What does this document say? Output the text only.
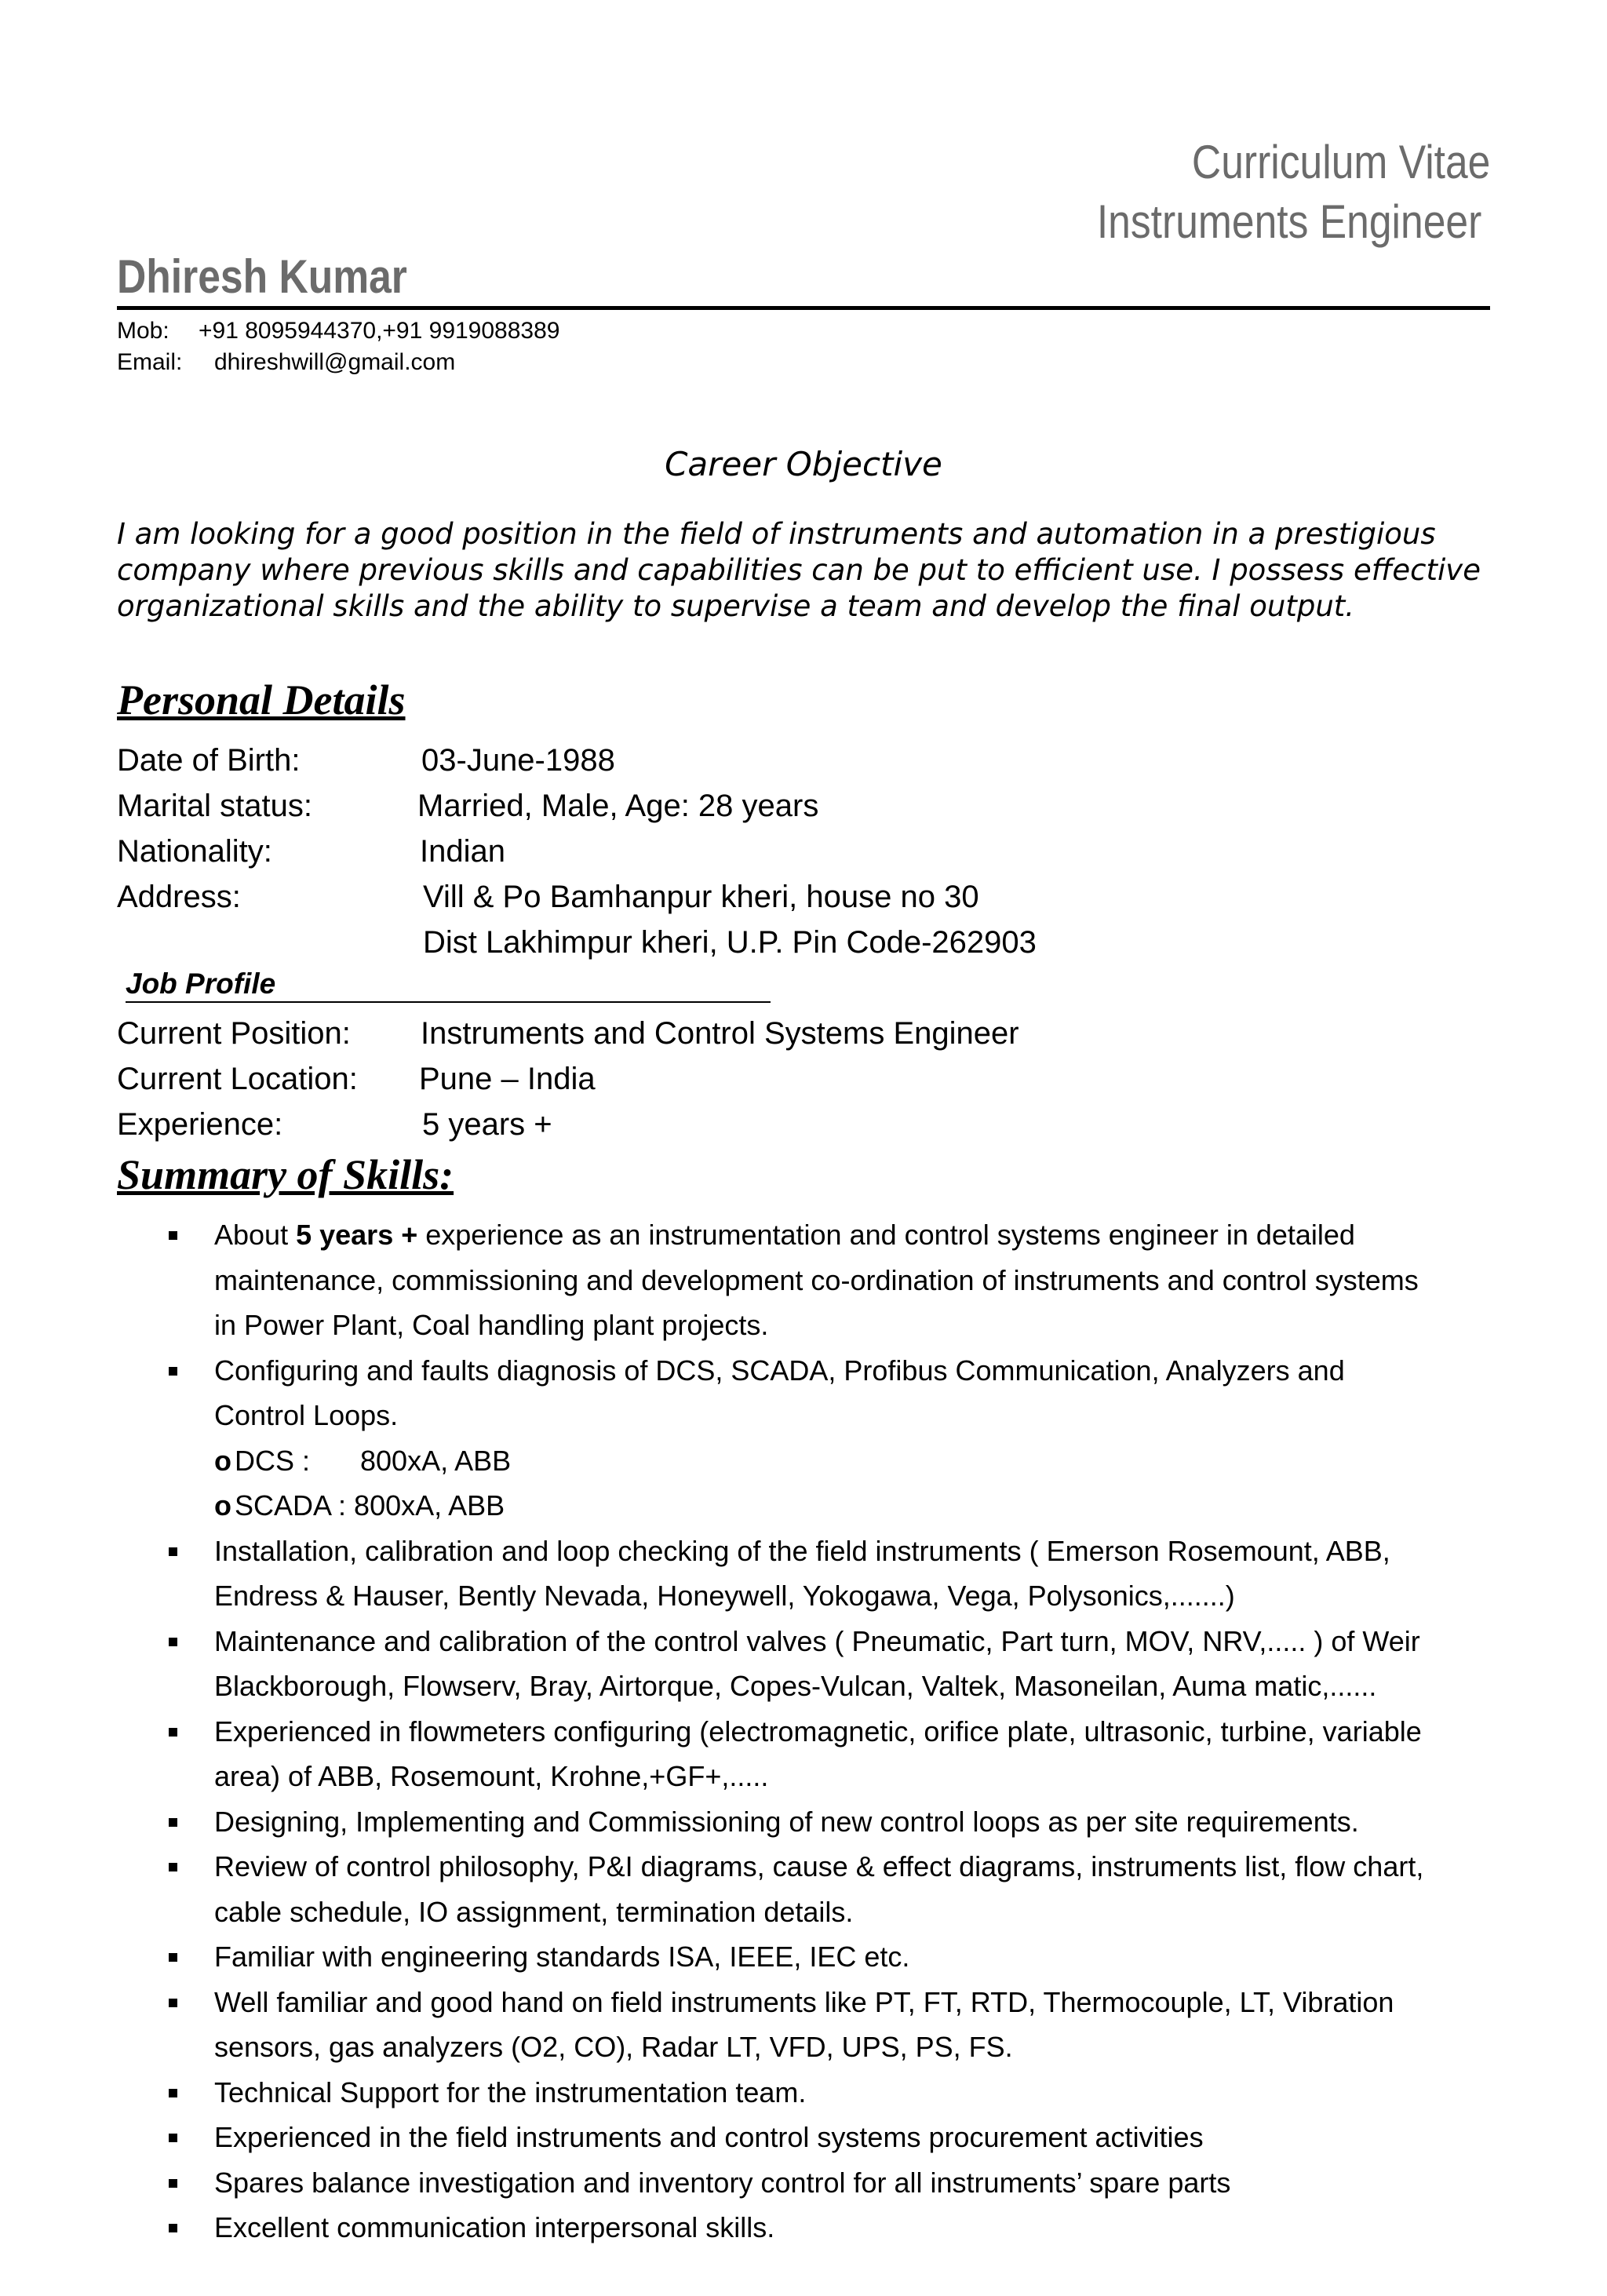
Curriculum Vitae
Instruments Engineer
Dhiresh Kumar
Mob: +91 8095944370,+91 9919088389
Email: dhireshwill@gmail.com
Career Objective
I am looking for a good position in the field of instruments and automation in a prestigious
company where previous skills and capabilities can be put to efficient use. I possess effective
organizational skills and the ability to supervise a team and develop the final output.
Personal Details
Date of Birth:	03-June-1988
Marital status:	Married, Male, Age: 28 years
Nationality:	Indian
Address:	Vill & Po Bamhanpur kheri, house no 30
Dist Lakhimpur kheri, U.P. Pin Code-262903
Job Profile
Current Position: Instruments and Control Systems Engineer
Current Location: Pune – India
Experience:	5 years +
Summary of Skills:
About 5 years + experience as an instrumentation and control systems engineer in detailed
maintenance, commissioning and development co-ordination of instruments and control systems
in Power Plant, Coal handling plant projects.
Configuring and faults diagnosis of DCS, SCADA, Profibus Communication, Analyzers and
Control Loops.
o DCS : 800xA, ABB
o SCADA : 800xA, ABB
Installation, calibration and loop checking of the field instruments ( Emerson Rosemount, ABB,
Endress & Hauser, Bently Nevada, Honeywell, Yokogawa, Vega, Polysonics,.......)
Maintenance and calibration of the control valves ( Pneumatic, Part turn, MOV, NRV,..... ) of Weir
Blackborough, Flowserv, Bray, Airtorque, Copes-Vulcan, Valtek, Masoneilan, Auma matic,......
Experienced in flowmeters configuring (electromagnetic, orifice plate, ultrasonic, turbine, variable
area) of ABB, Rosemount, Krohne,+GF+,.....
Designing, Implementing and Commissioning of new control loops as per site requirements.
Review of control philosophy, P&I diagrams, cause & effect diagrams, instruments list, flow chart,
cable schedule, IO assignment, termination details.
Familiar with engineering standards ISA, IEEE, IEC etc.
Well familiar and good hand on field instruments like PT, FT, RTD, Thermocouple, LT, Vibration
sensors, gas analyzers (O2, CO), Radar LT, VFD, UPS, PS, FS.
Technical Support for the instrumentation team.
Experienced in the field instruments and control systems procurement activities
Spares balance investigation and inventory control for all instruments’ spare parts
Excellent communication interpersonal skills.
